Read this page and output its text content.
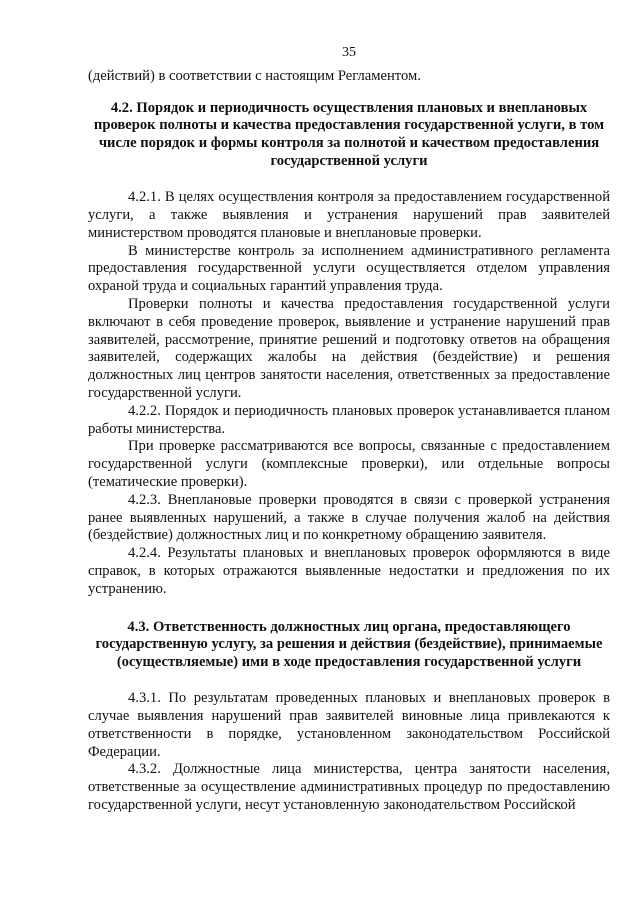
35

(действий) в соответствии с настоящим Регламентом.

4.2. Порядок и периодичность осуществления плановых и внеплановых проверок полноты и качества предоставления государственной услуги, в том числе порядок и формы контроля за полнотой и качеством предоставления государственной услуги

4.2.1. В целях осуществления контроля за предоставлением государственной услуги, а также выявления и устранения нарушений прав заявителей министерством проводятся плановые и внеплановые проверки.

В министерстве контроль за исполнением административного регламента предоставления государственной услуги осуществляется отделом управления охраной труда и социальных гарантий управления труда.

Проверки полноты и качества предоставления государственной услуги включают в себя проведение проверок, выявление и устранение нарушений прав заявителей, рассмотрение, принятие решений и подготовку ответов на обращения заявителей, содержащих жалобы на действия (бездействие) и решения должностных лиц центров занятости населения, ответственных за предоставление государственной услуги.

4.2.2. Порядок и периодичность плановых проверок устанавливается планом работы министерства.

При проверке рассматриваются все вопросы, связанные с предоставлением государственной услуги (комплексные проверки), или отдельные вопросы (тематические проверки).

4.2.3. Внеплановые проверки проводятся в связи с проверкой устранения ранее выявленных нарушений, а также в случае получения жалоб на действия (бездействие) должностных лиц и по конкретному обращению заявителя.

4.2.4. Результаты плановых и внеплановых проверок оформляются в виде справок, в которых отражаются выявленные недостатки и предложения по их устранению.

4.3. Ответственность должностных лиц органа, предоставляющего государственную услугу, за решения и действия (бездействие), принимаемые (осуществляемые) ими в ходе предоставления государственной услуги

4.3.1. По результатам проведенных плановых и внеплановых проверок в случае выявления нарушений прав заявителей виновные лица привлекаются к ответственности в порядке, установленном законодательством Российской Федерации.

4.3.2. Должностные лица министерства, центра занятости населения, ответственные за осуществление административных процедур по предоставлению государственной услуги, несут установленную законодательством Российской
